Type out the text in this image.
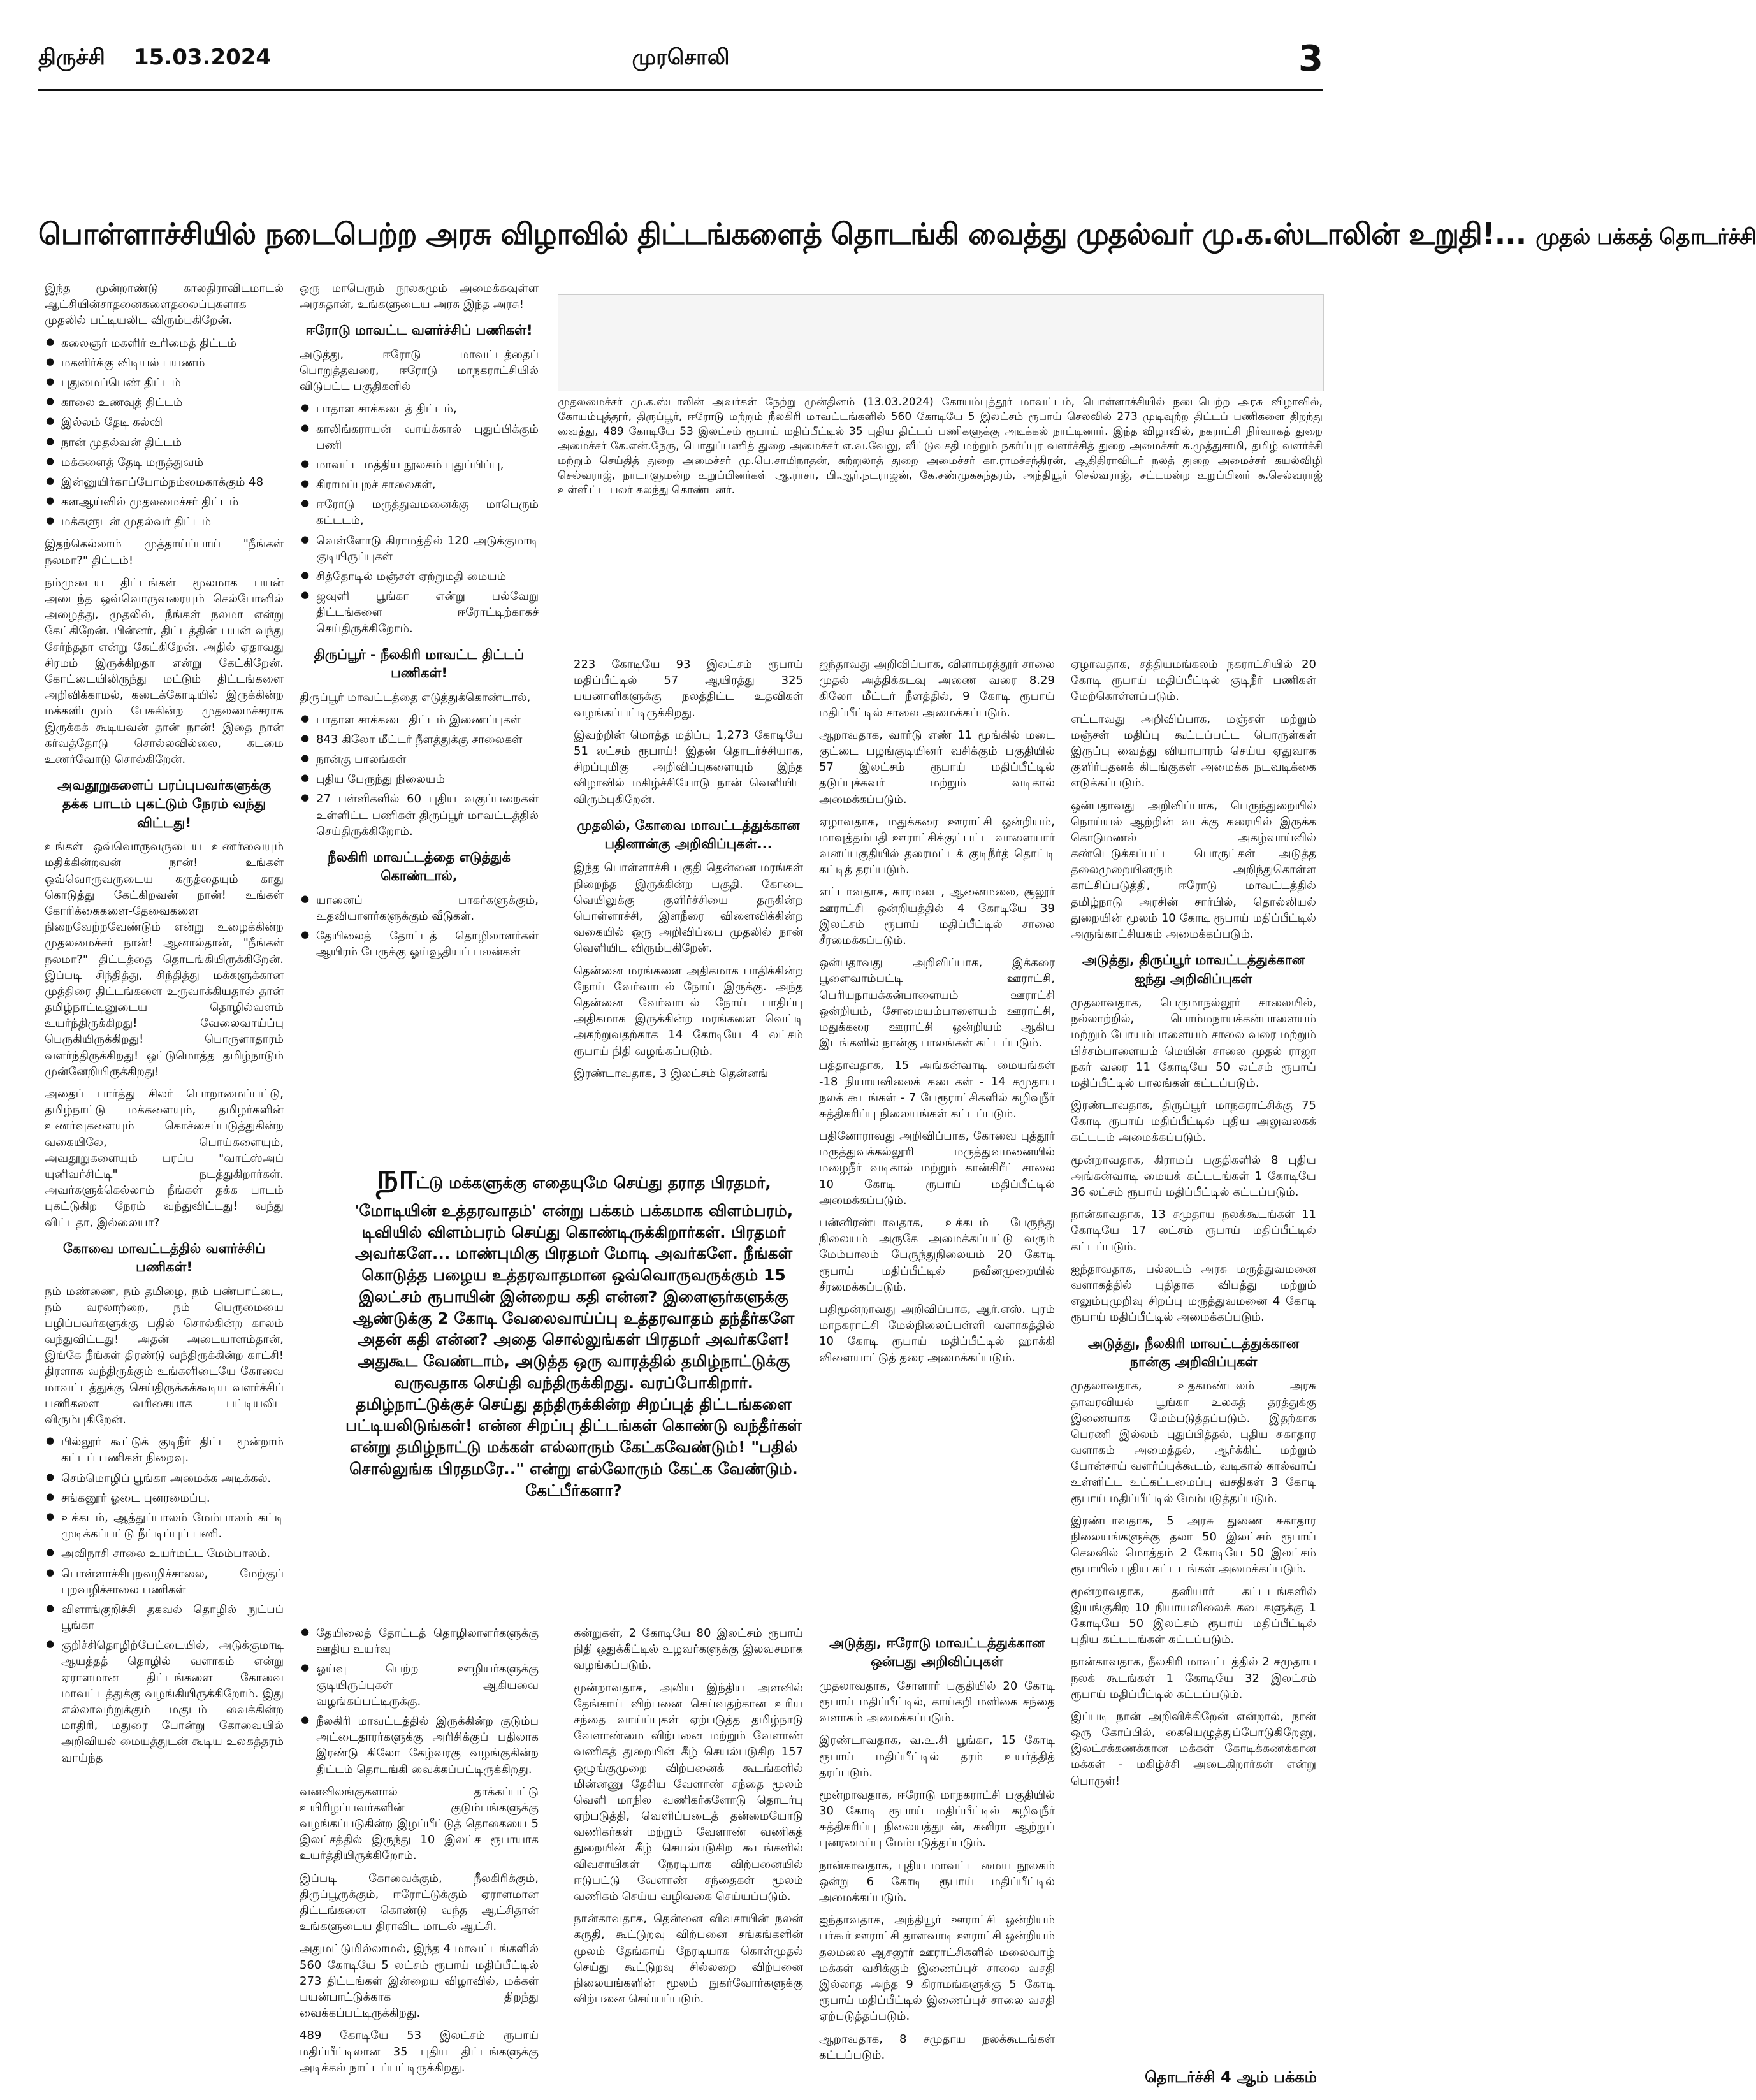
திருச்சி 15.03.2024	முரசொலி	3
பொள்ளாச்சியில் நடைபெற்ற அரசு விழாவில் திட்டங்களைத் தொடங்கி வைத்து முதல்வர் மு.க.ஸ்டாலின் உறுதி!... முதல் பக்கத் தொடர்ச்சி

இந்த மூன்றாண்டு காலதிராவிடமாடல் ஆட்சியின்சாதனைகளைதலைப்புகளாக முதலில் பட்டியலிட விரும்புகிறேன்.

● கலைஞர் மகளிர் உரிமைத் திட்டம்
● மகளிர்க்கு விடியல் பயணம்
● புதுமைப்பெண் திட்டம்
● காலை உணவுத் திட்டம்
● இல்லம் தேடி கல்வி
● நான் முதல்வன் திட்டம்
● மக்களைத் தேடி மருத்துவம்
● இன்னுயிர்காப்போம்நம்மைகாக்கும் 48
● களஆய்வில் முதலமைச்சர் திட்டம்
● மக்களுடன் முதல்வர் திட்டம்

இதற்கெல்லாம் முத்தாய்ப்பாய் "நீங்கள் நலமா?" திட்டம்!

நம்முடைய திட்டங்கள் மூலமாக பயன் அடைந்த ஒவ்வொருவரையும் செல்போனில் அழைத்து, முதலில், நீங்கள் நலமா என்று கேட்கிறேன். பின்னர், திட்டத்தின் பயன் வந்து சேர்ந்ததா என்று கேட்கிறேன். அதில் ஏதாவது சிரமம் இருக்கிறதா என்று கேட்கிறேன். கோட்டையிலிருந்து மட்டும் திட்டங்களை அறிவிக்காமல், கடைக்கோடியில் இருக்கின்ற மக்களிடமும் பேசுகின்ற முதலமைச்சராக இருக்கக் கூடியவன் தான் நான்! இதை நான் கர்வத்தோடு சொல்லவில்லை, கடமை உணர்வோடு சொல்கிறேன்.

அவதூறுகளைப் பரப்புபவர்களுக்கு தக்க பாடம் புகட்டும் நேரம் வந்து விட்டது!

உங்கள் ஒவ்வொருவருடைய உணர்வையும் மதிக்கின்றவன் நான்! உங்கள் ஒவ்வொருவருடைய கருத்தையும் காது கொடுத்து கேட்கிறவன் நான்! உங்கள் கோரிக்கைகளை-தேவைகளை நிறைவேற்றவேண்டும் என்று உழைக்கின்ற முதலமைச்சர் நான்! ஆனால்தான், "நீங்கள் நலமா?" திட்டத்தை தொடங்கியிருக்கிறேன். இப்படி சிந்தித்து, சிந்தித்து மக்களுக்கான முத்திரை திட்டங்களை உருவாக்கியதால் தான் தமிழ்நாட்டினுடைய தொழில்வளம் உயர்ந்திருக்கிறது! வேலைவாய்ப்பு பெருகியிருக்கிறது! பொருளாதாரம் வளர்ந்திருக்கிறது! ஒட்டுமொத்த தமிழ்நாடும் முன்னேறியிருக்கிறது!

அதைப் பார்த்து சிலர் பொறாமைப்பட்டு, தமிழ்நாட்டு மக்களையும், தமிழர்களின் உணர்வுகளையும் கொச்சைப்படுத்துகின்ற வகையிலே, பொய்களையும், அவதூறுகளையும் பரப்ப "வாட்ஸ்அப் யுனிவர்சிட்டி" நடத்துகிறார்கள். அவர்களுக்கெல்லாம் நீங்கள் தக்க பாடம் புகட்டுகிற நேரம் வந்துவிட்டது! வந்து விட்டதா, இல்லையா?

கோவை மாவட்டத்தில் வளர்ச்சிப் பணிகள்!

நம் மண்ணை, நம் தமிழை, நம் பண்பாட்டை, நம் வரலாற்றை, நம் பெருமையை பழிப்பவர்களுக்கு பதில் சொல்கின்ற காலம் வந்துவிட்டது! அதன் அடையாளம்தான், இங்கே நீங்கள் திரண்டு வந்திருக்கின்ற காட்சி! திரளாக வந்திருக்கும் உங்களிடையே கோவை மாவட்டத்துக்கு செய்திருக்கக்கூடிய வளர்ச்சிப் பணிகளை வரிசையாக பட்டியலிட விரும்புகிறேன்.

● பில்லூர் கூட்டுக் குடிநீர் திட்ட மூன்றாம் கட்டப் பணிகள் நிறைவு.
● செம்மொழிப் பூங்கா அமைக்க அடிக்கல்.
● சங்கனூர் ஓடை புனரமைப்பு.
● உக்கடம், ஆத்துப்பாலம் மேம்பாலம் கட்டி முடிக்கப்பட்டு நீட்டிப்புப் பணி.
● அவிநாசி சாலை உயர்மட்ட மேம்பாலம்.
● பொள்ளாச்சிபுறவழிச்சாலை, மேற்குப் புறவழிச்சாலை பணிகள்
● விளாங்குறிச்சி தகவல் தொழில் நுட்பப் பூங்கா
● குறிச்சிதொழிற்பேட்டையில், அடுக்குமாடி ஆயத்தத் தொழில் வளாகம் என்று ஏராளமான திட்டங்களை கோவை மாவட்டத்துக்கு வழங்கியிருக்கிறோம். இது எல்லாவற்றுக்கும் மகுடம் வைக்கின்ற மாதிரி, மதுரை போன்று கோவையில் அறிவியல் மையத்துடன் கூடிய உலகத்தரம் வாய்ந்த

ஒரு மாபெரும் நூலகமும் அமைக்கவுள்ள அரசுதான், உங்களுடைய அரசு இந்த அரசு!

ஈரோடு மாவட்ட வளர்ச்சிப் பணிகள்!

அடுத்து, ஈரோடு மாவட்டத்தைப் பொறுத்தவரை, ஈரோடு மாநகராட்சியில் விடுபட்ட பகுதிகளில்

● பாதாள சாக்கடைத் திட்டம்,
● காலிங்கராயன் வாய்க்கால் புதுப்பிக்கும் பணி
● மாவட்ட மத்திய நூலகம் புதுப்பிப்பு,
● கிராமப்புறச் சாலைகள்,
● ஈரோடு மருத்துவமனைக்கு மாபெரும் கட்டடம்,
● வெள்ளோடு கிராமத்தில் 120 அடுக்குமாடி குடியிருப்புகள்
● சித்தோடில் மஞ்சள் ஏற்றுமதி மையம்
● ஜவுளி பூங்கா என்று பல்வேறு திட்டங்களை ஈரோட்டிற்காகச் செய்திருக்கிறோம்.
திருப்பூர் - நீலகிரி மாவட்ட திட்டப் பணிகள்!

திருப்பூர் மாவட்டத்தை எடுத்துக்கொண்டால்,

● பாதாள சாக்கடை திட்டம் இணைப்புகள்
● 843 கிலோ மீட்டர் நீளத்துக்கு சாலைகள்
● நான்கு பாலங்கள்
● புதிய பேருந்து நிலையம்
● 27 பள்ளிகளில் 60 புதிய வகுப்பறைகள் உள்ளிட்ட பணிகள் திருப்பூர் மாவட்டத்தில் செய்திருக்கிறோம்.
நீலகிரி மாவட்டத்தை எடுத்துக் கொண்டால்,
● யானைப் பாகர்களுக்கும், உதவியாளர்களுக்கும் வீடுகள்.
● தேயிலைத் தோட்டத் தொழிலாளர்கள் ஆயிரம் பேருக்கு ஓய்வூதியப் பலன்கள்
முதலமைச்சர் மு.க.ஸ்டாலின் அவர்கள் நேற்று முன்தினம் (13.03.2024) கோயம்புத்தூர் மாவட்டம், பொள்ளாச்சியில் நடைபெற்ற அரசு விழாவில், கோயம்புத்தூர், திருப்பூர், ஈரோடு மற்றும் நீலகிரி மாவட்டங்களில் 560 கோடியே 5 இலட்சம் ரூபாய் செலவில் 273 முடிவுற்ற திட்டப் பணிகளை திறந்து வைத்து, 489 கோடியே 53 இலட்சம் ரூபாய் மதிப்பீட்டில் 35 புதிய திட்டப் பணிகளுக்கு அடிக்கல் நாட்டினார். இந்த விழாவில், நகராட்சி நிர்வாகத் துறை அமைச்சர் கே.என்.நேரு, பொதுப்பணித் துறை அமைச்சர் எ.வ.வேலு, வீட்டுவசதி மற்றும் நகர்ப்புர வளர்ச்சித் துறை அமைச்சர் சு.முத்துசாமி, தமிழ் வளர்ச்சி மற்றும் செய்தித் துறை அமைச்சர் மு.பெ.சாமிநாதன், சுற்றுலாத் துறை அமைச்சர் கா.ராமச்சந்திரன், ஆதிதிராவிடர் நலத் துறை அமைச்சர் கயல்விழி செல்வராஜ், நாடாளுமன்ற உறுப்பினர்கள் ஆ.ராசா, பி.ஆர்.நடராஜன், கே.சண்முகசுந்தரம், அந்தியூர் செல்வராஜ், சட்டமன்ற உறுப்பினர் க.செல்வராஜ் உள்ளிட்ட பலர் கலந்து கொண்டனர்.

223 கோடியே 93 இலட்சம் ரூபாய் மதிப்பீட்டில் 57 ஆயிரத்து 325 பயனாளிகளுக்கு நலத்திட்ட உதவிகள் வழங்கப்பட்டிருக்கிறது.

இவற்றின் மொத்த மதிப்பு 1,273 கோடியே 51 லட்சம் ரூபாய்! இதன் தொடர்ச்சியாக, சிறப்புமிகு அறிவிப்புகளையும் இந்த விழாவில் மகிழ்ச்சியோடு நான் வெளியிட விரும்புகிறேன்.

முதலில், கோவை மாவட்டத்துக்கான பதினான்கு அறிவிப்புகள்...

இந்த பொள்ளாச்சி பகுதி தென்னை மரங்கள் நிறைந்த இருக்கின்ற பகுதி. கோடை வெயிலுக்கு குளிர்ச்சியை தருகின்ற பொள்ளாச்சி, இளநீரை விளைவிக்கின்ற வகையில் ஒரு அறிவிப்பை முதலில் நான் வெளியிட விரும்புகிறேன்.

தென்னை மரங்களை அதிகமாக பாதிக்கின்ற நோய் வேர்வாடல் நோய் இருக்கு. அந்த தென்னை வேர்வாடல் நோய் பாதிப்பு அதிகமாக இருக்கின்ற மரங்களை வெட்டி அகற்றுவதற்காக 14 கோடியே 4 லட்சம் ரூபாய் நிதி வழங்கப்படும்.

இரண்டாவதாக, 3 இலட்சம் தென்னங்

ஐந்தாவது அறிவிப்பாக, விளாமரத்தூர் சாலை முதல் அத்திக்கடவு அணை வரை 8.29 கிலோ மீட்டர் நீளத்தில், 9 கோடி ரூபாய் மதிப்பீட்டில் சாலை அமைக்கப்படும்.

ஆறாவதாக, வார்டு எண் 11 மூங்கில் மடை குட்டை பழங்குடியினர் வசிக்கும் பகுதியில் 57 இலட்சம் ரூபாய் மதிப்பீட்டில் தடுப்புச்சுவர் மற்றும் வடிகால் அமைக்கப்படும்.

ஏழாவதாக, மதுக்கரை ஊராட்சி ஒன்றியம், மாவுத்தம்பதி ஊராட்சிக்குட்பட்ட வாளையார் வனப்பகுதியில் தரைமட்டக் குடிநீர்த் தொட்டி கட்டித் தரப்படும்.

எட்டாவதாக, காரமடை, ஆனைமலை, சூலூர் ஊராட்சி ஒன்றியத்தில் 4 கோடியே 39 இலட்சம் ரூபாய் மதிப்பீட்டில் சாலை சீரமைக்கப்படும்.

ஒன்பதாவது அறிவிப்பாக, இக்கரை பூளைவாம்பட்டி ஊராட்சி, பெரியநாயக்கன்பாளையம் ஊராட்சி ஒன்றியம், சோமையம்பாளையம் ஊராட்சி, மதுக்கரை ஊராட்சி ஒன்றியம் ஆகிய இடங்களில் நான்கு பாலங்கள் கட்டப்படும்.

பத்தாவதாக, 15 அங்கன்வாடி மையங்கள் -18 நியாயவிலைக் கடைகள் - 14 சமுதாய நலக் கூடங்கள் - 7 பேரூராட்சிகளில் கழிவுநீர் சுத்திகரிப்பு நிலையங்கள் கட்டப்படும்.

பதினோராவது அறிவிப்பாக, கோவை புத்தூர் மருத்துவக்கல்லூரி மருத்துவமனையில் மழைநீர் வடிகால் மற்றும் கான்கிரீட் சாலை 10 கோடி ரூபாய் மதிப்பீட்டில் அமைக்கப்படும்.

பன்னிரண்டாவதாக, உக்கடம் பேருந்து நிலையம் அருகே அமைக்கப்பட்டு வரும் மேம்பாலம் பேருந்துநிலையம் 20 கோடி ரூபாய் மதிப்பீட்டில் நவீனமுறையில் சீரமைக்கப்படும்.

பதிமூன்றாவது அறிவிப்பாக, ஆர்.எஸ். புரம் மாநகராட்சி மேல்நிலைப்பள்ளி வளாகத்தில் 10 கோடி ரூபாய் மதிப்பீட்டில் ஹாக்கி விளையாட்டுத் தரை அமைக்கப்படும்.

ஏழாவதாக, சத்தியமங்கலம் நகராட்சியில் 20 கோடி ரூபாய் மதிப்பீட்டில் குடிநீர் பணிகள் மேற்கொள்ளப்படும்.

எட்டாவது அறிவிப்பாக, மஞ்சள் மற்றும் மஞ்சள் மதிப்பு கூட்டப்பட்ட பொருள்கள் இருப்பு வைத்து வியாபாரம் செய்ய ஏதுவாக குளிர்பதனக் கிடங்குகள் அமைக்க நடவடிக்கை எடுக்கப்படும்.

ஒன்பதாவது அறிவிப்பாக, பெருந்துறையில் நொய்யல் ஆற்றின் வடக்கு கரையில் இருக்க கொடுமணல் அகழ்வாய்வில் கண்டெடுக்கப்பட்ட பொருட்கள் அடுத்த தலைமுறையினரும் அறிந்துகொள்ள காட்சிப்படுத்தி, ஈரோடு மாவட்டத்தில் தமிழ்நாடு அரசின் சார்பில், தொல்லியல் துறையின் மூலம் 10 கோடி ரூபாய் மதிப்பீட்டில் அருங்காட்சியகம் அமைக்கப்படும்.

அடுத்து, திருப்பூர் மாவட்டத்துக்கான ஐந்து அறிவிப்புகள்

முதலாவதாக, பெருமாநல்லூர் சாலையில், நல்லாற்றில், பொம்மநாயக்கன்பாளையம் மற்றும் போயம்பாளையம் சாலை வரை மற்றும் பிச்சம்பாளையம் மெயின் சாலை முதல் ராஜா நகர் வரை 11 கோடியே 50 லட்சம் ரூபாய் மதிப்பீட்டில் பாலங்கள் கட்டப்படும்.

இரண்டாவதாக, திருப்பூர் மாநகராட்சிக்கு 75 கோடி ரூபாய் மதிப்பீட்டில் புதிய அலுவலகக் கட்டடம் அமைக்கப்படும்.

மூன்றாவதாக, கிராமப் பகுதிகளில் 8 புதிய அங்கன்வாடி மையக் கட்டடங்கள் 1 கோடியே 36 லட்சம் ரூபாய் மதிப்பீட்டில் கட்டப்படும்.

நான்காவதாக, 13 சமுதாய நலக்கூடங்கள் 11 கோடியே 17 லட்சம் ரூபாய் மதிப்பீட்டில் கட்டப்படும்.

ஐந்தாவதாக, பல்லடம் அரசு மருத்துவமனை வளாகத்தில் புதிதாக விபத்து மற்றும் எலும்புமுறிவு சிறப்பு மருத்துவமனை 4 கோடி ரூபாய் மதிப்பீட்டில் அமைக்கப்படும்.

அடுத்து, நீலகிரி மாவட்டத்துக்கான நான்கு அறிவிப்புகள்

முதலாவதாக, உதகமண்டலம் அரசு தாவரவியல் பூங்கா உலகத் தரத்துக்கு இணையாக மேம்படுத்தப்படும். இதற்காக பெரணி இல்லம் புதுப்பித்தல், புதிய சுகாதார வளாகம் அமைத்தல், ஆர்க்கிட் மற்றும் போன்சாய் வளர்ப்புக்கூடம், வடிகால் கால்வாய் உள்ளிட்ட உட்கட்டமைப்பு வசதிகள் 3 கோடி ரூபாய் மதிப்பீட்டில் மேம்படுத்தப்படும்.

இரண்டாவதாக, 5 அரசு துணை சுகாதார நிலையங்களுக்கு தலா 50 இலட்சம் ரூபாய் செலவில் மொத்தம் 2 கோடியே 50 இலட்சம் ரூபாயில் புதிய கட்டடங்கள் அமைக்கப்படும்.

மூன்றாவதாக, தனியார் கட்டடங்களில் இயங்குகிற 10 நியாயவிலைக் கடைகளுக்கு 1 கோடியே 50 இலட்சம் ரூபாய் மதிப்பீட்டில் புதிய கட்டடங்கள் கட்டப்படும்.

நான்காவதாக, நீலகிரி மாவட்டத்தில் 2 சமுதாய நலக் கூடங்கள் 1 கோடியே 32 இலட்சம் ரூபாய் மதிப்பீட்டில் கட்டப்படும்.

இப்படி நான் அறிவிக்கிறேன் என்றால், நான் ஒரு கோப்பில், கையெழுத்துப்போடுகிறேனு, இலட்சக்கணக்கான மக்கள் கோடிக்கணக்கான மக்கள் - மகிழ்ச்சி அடைகிறார்கள் என்று பொருள்!

நாட்டு மக்களுக்கு எதையுமே செய்து தராத பிரதமர், 'மோடியின் உத்தரவாதம்' என்று பக்கம் பக்கமாக விளம்பரம், டிவியில் விளம்பரம் செய்து கொண்டிருக்கிறார்கள். பிரதமர் அவர்களே... மாண்புமிகு பிரதமர் மோடி அவர்களே. நீங்கள் கொடுத்த பழைய உத்தரவாதமான ஒவ்வொருவருக்கும் 15 இலட்சம் ரூபாயின் இன்றைய கதி என்ன? இளைஞர்களுக்கு ஆண்டுக்கு 2 கோடி வேலைவாய்ப்பு உத்தரவாதம் தந்தீர்களே அதன் கதி என்ன? அதை சொல்லுங்கள் பிரதமர் அவர்களே! அதுகூட வேண்டாம், அடுத்த ஒரு வாரத்தில் தமிழ்நாட்டுக்கு வருவதாக செய்தி வந்திருக்கிறது. வரப்போகிறார். தமிழ்நாட்டுக்குச் செய்து தந்திருக்கின்ற சிறப்புத் திட்டங்களை பட்டியலிடுங்கள்! என்ன சிறப்பு திட்டங்கள் கொண்டு வந்தீர்கள் என்று தமிழ்நாட்டு மக்கள் எல்லாரும் கேட்கவேண்டும்! "பதில் சொல்லுங்க பிரதமரே.." என்று எல்லோரும் கேட்க வேண்டும். கேட்பீர்களா?
● தேயிலைத் தோட்டத் தொழிலாளர்களுக்கு ஊதிய உயர்வு
● ஓய்வு பெற்ற ஊழியர்களுக்கு குடியிருப்புகள் ஆகியவை வழங்கப்பட்டிருக்கு.
● நீலகிரி மாவட்டத்தில் இருக்கின்ற குடும்ப அட்டைதாரர்களுக்கு அரிசிக்குப் பதிலாக இரண்டு கிலோ கேழ்வரகு வழங்குகின்ற திட்டம் தொடங்கி வைக்கப்பட்டிருக்கிறது.

வனவிலங்குகளால் தாக்கப்பட்டு உயிரிழப்பவர்களின் குடும்பங்களுக்கு வழங்கப்படுகின்ற இழப்பீட்டுத் தொகையை 5 இலட்சத்தில் இருந்து 10 இலட்ச ரூபாயாக உயர்த்தியிருக்கிறோம்.

இப்படி கோவைக்கும், நீலகிரிக்கும், திருப்பூருக்கும், ஈரோட்டுக்கும் ஏராளமான திட்டங்களை கொண்டு வந்த ஆட்சிதான் உங்களுடைய திராவிட மாடல் ஆட்சி.

அதுமட்டுமில்லாமல், இந்த 4 மாவட்டங்களில் 560 கோடியே 5 லட்சம் ரூபாய் மதிப்பீட்டில் 273 திட்டங்கள் இன்றைய விழாவில், மக்கள் பயன்பாட்டுக்காக திறந்து வைக்கப்பட்டிருக்கிறது.

489 கோடியே 53 இலட்சம் ரூபாய் மதிப்பீட்டிலான 35 புதிய திட்டங்களுக்கு அடிக்கல் நாட்டப்பட்டிருக்கிறது.

கன்றுகள், 2 கோடியே 80 இலட்சம் ரூபாய் நிதி ஒதுக்கீட்டில் உழவர்களுக்கு இலவசமாக வழங்கப்படும்.

மூன்றாவதாக, அலிய இந்திய அளவில் தேங்காய் விற்பனை செய்வதற்கான உரிய சந்தை வாய்ப்புகள் ஏற்படுத்த தமிழ்நாடு வேளாண்மை விற்பனை மற்றும் வேளாண் வணிகத் துறையின் கீழ் செயல்படுகிற 157 ஒழுங்குமுறை விற்பனைக் கூடங்களில் மின்னணு தேசிய வேளாண் சந்தை மூலம் வெளி மாநில வணிகர்களோடு தொடர்பு ஏற்படுத்தி, வெளிப்படைத் தன்மையோடு வணிகர்கள் மற்றும் வேளாண் வணிகத் துறையின் கீழ் செயல்படுகிற கூடங்களில் விவசாயிகள் நேரடியாக விற்பனையில் ஈடுபட்டு வேளாண் சந்தைகள் மூலம் வணிகம் செய்ய வழிவகை செய்யப்படும்.

நான்காவதாக, தென்னை விவசாயின் நலன் கருதி, கூட்டுறவு விற்பனை சங்கங்களின் மூலம் தேங்காய் நேரடியாக கொள்முதல் செய்து கூட்டுறவு சில்லறை விற்பனை நிலையங்களின் மூலம் நுகர்வோர்களுக்கு விற்பனை செய்யப்படும்.

அடுத்து, ஈரோடு மாவட்டத்துக்கான ஒன்பது அறிவிப்புகள்

முதலாவதாக, சோளார் பகுதியில் 20 கோடி ரூபாய் மதிப்பீட்டில், காய்கறி மளிகை சந்தை வளாகம் அமைக்கப்படும்.

இரண்டாவதாக, வ.உ.சி பூங்கா, 15 கோடி ரூபாய் மதிப்பீட்டில் தரம் உயர்த்தித் தரப்படும்.

மூன்றாவதாக, ஈரோடு மாநகராட்சி பகுதியில் 30 கோடி ரூபாய் மதிப்பீட்டில் கழிவுநீர் சுத்திகரிப்பு நிலையத்துடன், கனிரா ஆற்றுப் புனரமைப்பு மேம்படுத்தப்படும்.

நான்காவதாக, புதிய மாவட்ட மைய நூலகம் ஒன்று 6 கோடி ரூபாய் மதிப்பீட்டில் அமைக்கப்படும்.

ஐந்தாவதாக, அந்தியூர் ஊராட்சி ஒன்றியம் பர்கூர் ஊராட்சி தாளவாடி ஊராட்சி ஒன்றியம் தலமலை ஆசனூர் ஊராட்சிகளில் மலைவாழ் மக்கள் வசிக்கும் இணைப்புச் சாலை வசதி இல்லாத அந்த 9 கிராமங்களுக்கு 5 கோடி ரூபாய் மதிப்பீட்டில் இணைப்புச் சாலை வசதி ஏற்படுத்தப்படும்.

ஆறாவதாக, 8 சமுதாய நலக்கூடங்கள் கட்டப்படும்.

தொடர்ச்சி 4 ஆம் பக்கம்
